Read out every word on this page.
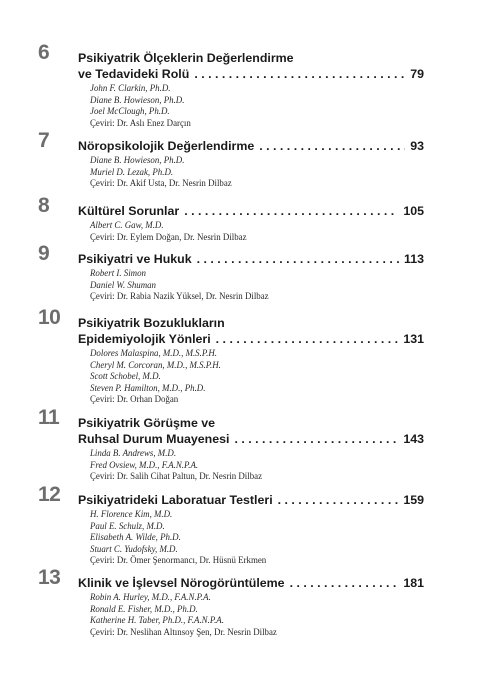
6	Psikiyatrik Ölçeklerin Değerlendirme
ve Tedavideki Rolü . . .	79
John F. Clarkin, Ph.D.
Diane B. Howieson, Ph.D.
Joel McClough, Ph.D.
Çeviri: Dr. Aslı Enez Darçın
7	Nöropsikolojik Değerlendirme . . .	93
Diane B. Howieson, Ph.D.
Muriel D. Lezak, Ph.D.
Çeviri: Dr. Akif Usta, Dr. Nesrin Dilbaz
8	Kültürel Sorunlar . . .	105
Albert C. Gaw, M.D.
Çeviri: Dr. Eylem Doğan, Dr. Nesrin Dilbaz
9	Psikiyatri ve Hukuk . . .	113
Robert I. Simon
Daniel W. Shuman
Çeviri: Dr. Rabia Nazik Yüksel, Dr. Nesrin Dilbaz
10	Psikiyatrik Bozuklukların
Epidemiyolojik Yönleri . . .	131
Dolores Malaspina, M.D., M.S.P.H.
Cheryl M. Corcoran, M.D., M.S.P.H.
Scott Schobel, M.D.
Steven P. Hamilton, M.D., Ph.D.
Çeviri: Dr. Orhan Doğan
11	Psikiyatrik Görüşme ve
Ruhsal Durum Muayenesi . . .	143
Linda B. Andrews, M.D.
Fred Ovsiew, M.D., F.A.N.P.A.
Çeviri: Dr. Salih Cihat Paltun, Dr. Nesrin Dilbaz
12	Psikiyatrideki Laboratuar Testleri . . .	159
H. Florence Kim, M.D.
Paul E. Schulz, M.D.
Elisabeth A. Wilde, Ph.D.
Stuart C. Yudofsky, M.D.
Çeviri: Dr. Ömer Şenormancı, Dr. Hüsnü Erkmen
13	Klinik ve İşlevsel Nörogörüntüleme . . .	181
Robin A. Hurley, M.D., F.A.N.P.A.
Ronald E. Fisher, M.D., Ph.D.
Katherine H. Taber, Ph.D., F.A.N.P.A.
Çeviri: Dr. Neslihan Altınsoy Şen, Dr. Nesrin Dilbaz
